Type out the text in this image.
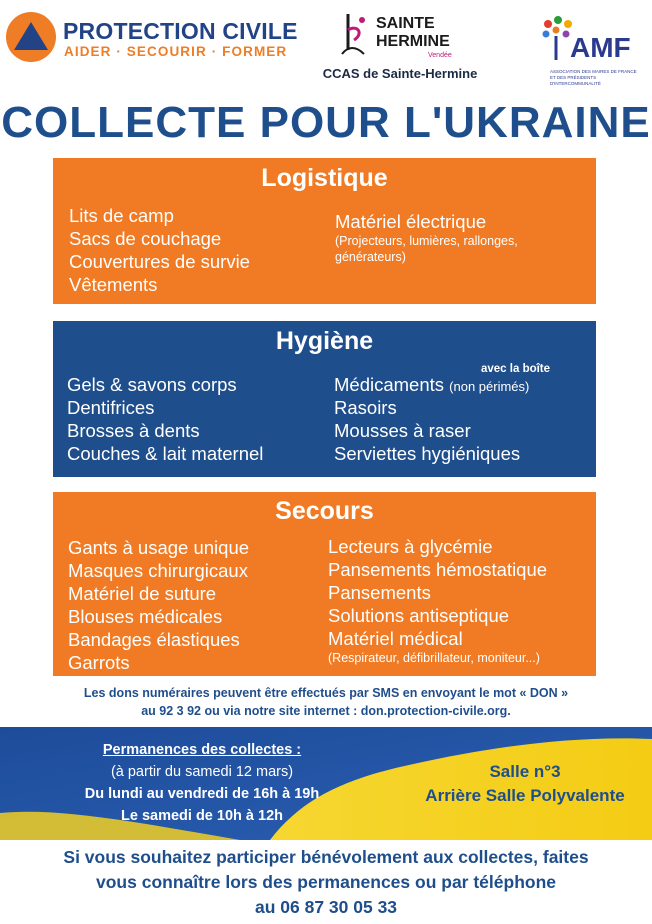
PROTECTION CIVILE
AIDER · SECOURIR · FORMER
SAINTE
HERMINE
Vendée
CCAS de Sainte-Hermine
AMF
ASSOCIATION DES MAIRES DE FRANCE ET DES PRÉSIDENTS D'INTERCOMMUNALITÉ
COLLECTE POUR L'UKRAINE
Logistique
Lits de camp
Sacs de couchage
Couvertures de survie
Vêtements
Matériel électrique
(Projecteurs, lumières, rallonges, générateurs)
Hygiène
avec la boîte
Gels & savons corps
Dentifrices
Brosses à dents
Couches & lait maternel
Médicaments (non périmés)
Rasoirs
Mousses à raser
Serviettes hygiéniques
Secours
Gants à usage unique
Masques chirurgicaux
Matériel de suture
Blouses médicales
Bandages élastiques
Garrots
Lecteurs à glycémie
Pansements hémostatique
Pansements
Solutions antiseptique
Matériel médical
(Respirateur, défibrillateur, moniteur...)
Les dons numéraires peuvent être effectués par SMS en envoyant le mot « DON »
au 92 3 92 ou via notre site internet : don.protection-civile.org.
Permanences des collectes :
(à partir du samedi 12 mars)
Du lundi au vendredi de 16h à 19h
Le samedi de 10h à 12h
Salle n°3
Arrière Salle Polyvalente
Si vous souhaitez participer bénévolement aux collectes, faites
vous connaître lors des permanences ou par téléphone
au 06 87 30 05 33
